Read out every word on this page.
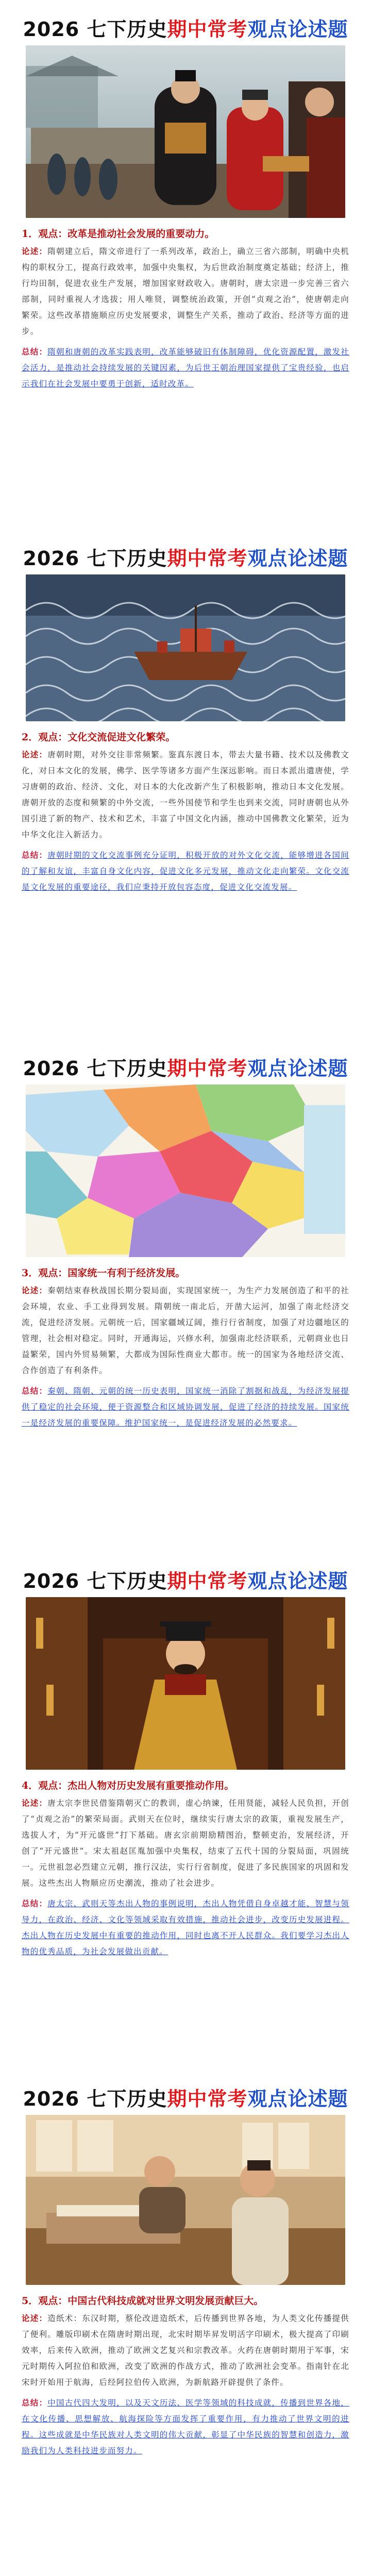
2026 七下历史 期中常考 观点论述题
1．观点：改革是推动社会发展的重要动力。
论述：隋朝建立后，隋文帝进行了一系列改革，政治上，确立三省六部制，明确中央机构的职权分工，提高行政效率，加强中央集权，为后世政治制度奠定基础；经济上，推行均田制，促进农业生产发展，增加国家财政收入。唐朝时，唐太宗进一步完善三省六部制，同时重视人才选拔；用人唯贤，调整统治政策，开创“贞观之治”，使唐朝走向繁荣。这些改革措施顺应历史发展要求，调整生产关系，推动了政治、经济等方面的进步。
总结：隋朝和唐朝的改革实践表明，改革能够破旧有体制障碍，优化资源配置，激发社会活力，是推动社会持续发展的关键因素，为后世王朝治理国家提供了宝贵经验，也启示我们在社会发展中要勇于创新，适时改革。
2026 七下历史 期中常考 观点论述题
2．观点：文化交流促进文化繁荣。
论述：唐朝时期，对外交往非常频繁。鉴真东渡日本，带去大量书籍、技术以及佛教文化，对日本文化的发展，佛学、医学等诸多方面产生深远影响。而日本派出遣唐使，学习唐朝的政治、经济、文化，对日本的大化改新产生了积极影响，推动日本文化发展。唐朝开放的态度和频繁的中外交流，一些外国使节和学生也到来交流，同时唐朝也从外国引进了新的物产、技术和艺术，丰富了中国文化内涵，推动中国佛教文化繁荣，近为中华文化注入新活力。
总结：唐朝时期的文化交流事例充分证明，积极开放的对外文化交流，能够增进各国间的了解和友谊，丰富自身文化内容，促进文化多元发展，推动文化走向繁荣。文化交流是文化发展的重要途径，我们应秉持开放包容态度，促进文化交流发展。
2026 七下历史 期中常考 观点论述题
3．观点：国家统一有利于经济发展。
论述：秦朝结束春秋战国长期分裂局面，实现国家统一，为生产力发展创造了和平的社会环境，农业、手工业得到发展。隋朝统一南北后，开凿大运河，加强了南北经济交流，促进经济发展。元朝统一后，国家疆域辽阔，推行行省制度，加强了对边疆地区的管理，社会相对稳定。同时，开通海运，兴修水利，加强南北经济联系，元朝商业也日益繁荣，国内外贸易频繁，大都成为国际性商业大都市。统一的国家为各地经济交流、合作创造了有利条件。
总结：秦朝、隋朝、元朝的统一历史表明，国家统一消除了割据和战乱，为经济发展提供了稳定的社会环境，便于资源整合和区域协调发展，促进了经济的持续发展。国家统一是经济发展的重要保障。维护国家统一，是促进经济发展的必然要求。
2026 七下历史 期中常考 观点论述题
4．观点：杰出人物对历史发展有重要推动作用。
论述：唐太宗李世民借鉴隋朝灭亡的教训，虚心纳谏，任用贤能，减轻人民负担，开创了“贞观之治”的繁荣局面。武则天在位时，继续实行唐太宗的政策，重视发展生产，选拔人才，为“开元盛世”打下基础。唐玄宗前期励精图治，整顿吏治，发展经济，开创了“开元盛世”。宋太祖赵匡胤加强中央集权，结束了五代十国的分裂局面，巩固统一。元世祖忽必烈建立元朝，推行汉法，实行行省制度，促进了多民族国家的巩固和发展。这些杰出人物顺应历史潮流，推动了社会进步。
总结：唐太宗、武则天等杰出人物的事例说明，杰出人物凭借自身卓越才能、智慧与领导力，在政治、经济、文化等领域采取有效措施，推动社会进步，改变历史发展进程。杰出人物在历史发展中有重要的推动作用，同时也离不开人民群众。我们要学习杰出人物的优秀品质，为社会发展做出贡献。
2026 七下历史 期中常考 观点论述题
5．观点：中国古代科技成就对世界文明发展贡献巨大。
论述：造纸术：东汉时期，蔡伦改进造纸术，后传播到世界各地，为人类文化传播提供了便利。雕版印刷术在隋唐时期出现，北宋时期毕昇发明活字印刷术，极大提高了印刷效率，后来传入欧洲，推动了欧洲文艺复兴和宗教改革。火药在唐朝时期用于军事，宋元时期传入阿拉伯和欧洲，改变了欧洲的作战方式，推动了欧洲社会变革。指南针在北宋时开始用于航海，后经阿拉伯传入欧洲，为新航路开辟提供了条件。
总结：中国古代四大发明，以及天文历法、医学等领域的科技成就，传播到世界各地，在文化传播、思想解放、航海探险等方面发挥了重要作用，有力推动了世界文明的进程。这些成就是中华民族对人类文明的伟大贡献，彰显了中华民族的智慧和创造力，激励我们为人类科技进步而努力。
